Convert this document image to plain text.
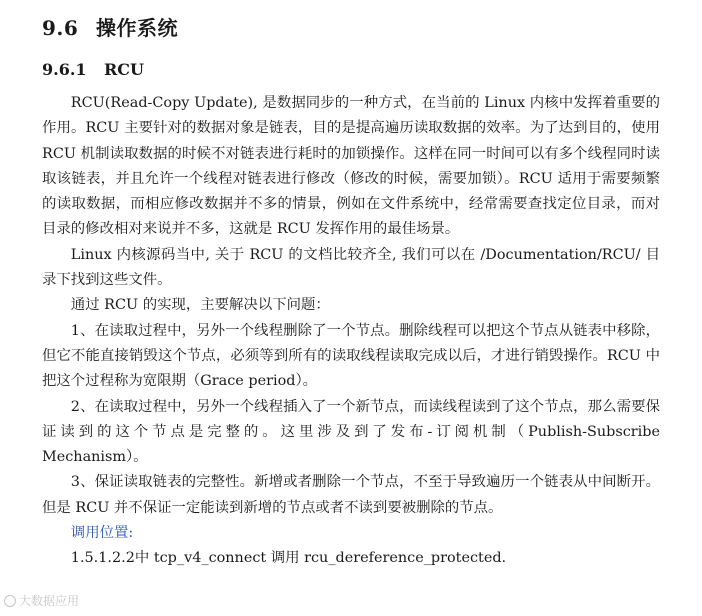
9.6 操作系统
9.6.1 RCU

RCU(Read-Copy Update), 是数据同步的一种方式，在当前的 Linux 内核中发挥着重要的作用。RCU 主要针对的数据对象是链表，目的是提高遍历读取数据的效率。为了达到目的，使用 RCU 机制读取数据的时候不对链表进行耗时的加锁操作。这样在同一时间可以有多个线程同时读取该链表，并且允许一个线程对链表进行修改（修改的时候，需要加锁）。RCU 适用于需要频繁的读取数据，而相应修改数据并不多的情景，例如在文件系统中，经常需要查找定位目录，而对目录的修改相对来说并不多，这就是 RCU 发挥作用的最佳场景。

Linux 内核源码当中, 关于 RCU 的文档比较齐全, 我们可以在 /Documentation/RCU/ 目录下找到这些文件。

通过 RCU 的实现，主要解决以下问题：

1、在读取过程中，另外一个线程删除了一个节点。删除线程可以把这个节点从链表中移除，但它不能直接销毁这个节点，必须等到所有的读取线程读取完成以后，才进行销毁操作。RCU 中把这个过程称为宽限期（Grace period）。

2、在读取过程中，另外一个线程插入了一个新节点，而读线程读到了这个节点，那么需要保证读到的这个节点是完整的。这里涉及到了发布-订阅机制（Publish-Subscribe Mechanism）。

3、保证读取链表的完整性。新增或者删除一个节点，不至于导致遍历一个链表从中间断开。但是 RCU 并不保证一定能读到新增的节点或者不读到要被删除的节点。

调用位置:

1.5.1.2.2中 tcp_v4_connect 调用 rcu_dereference_protected.

大数据应用
